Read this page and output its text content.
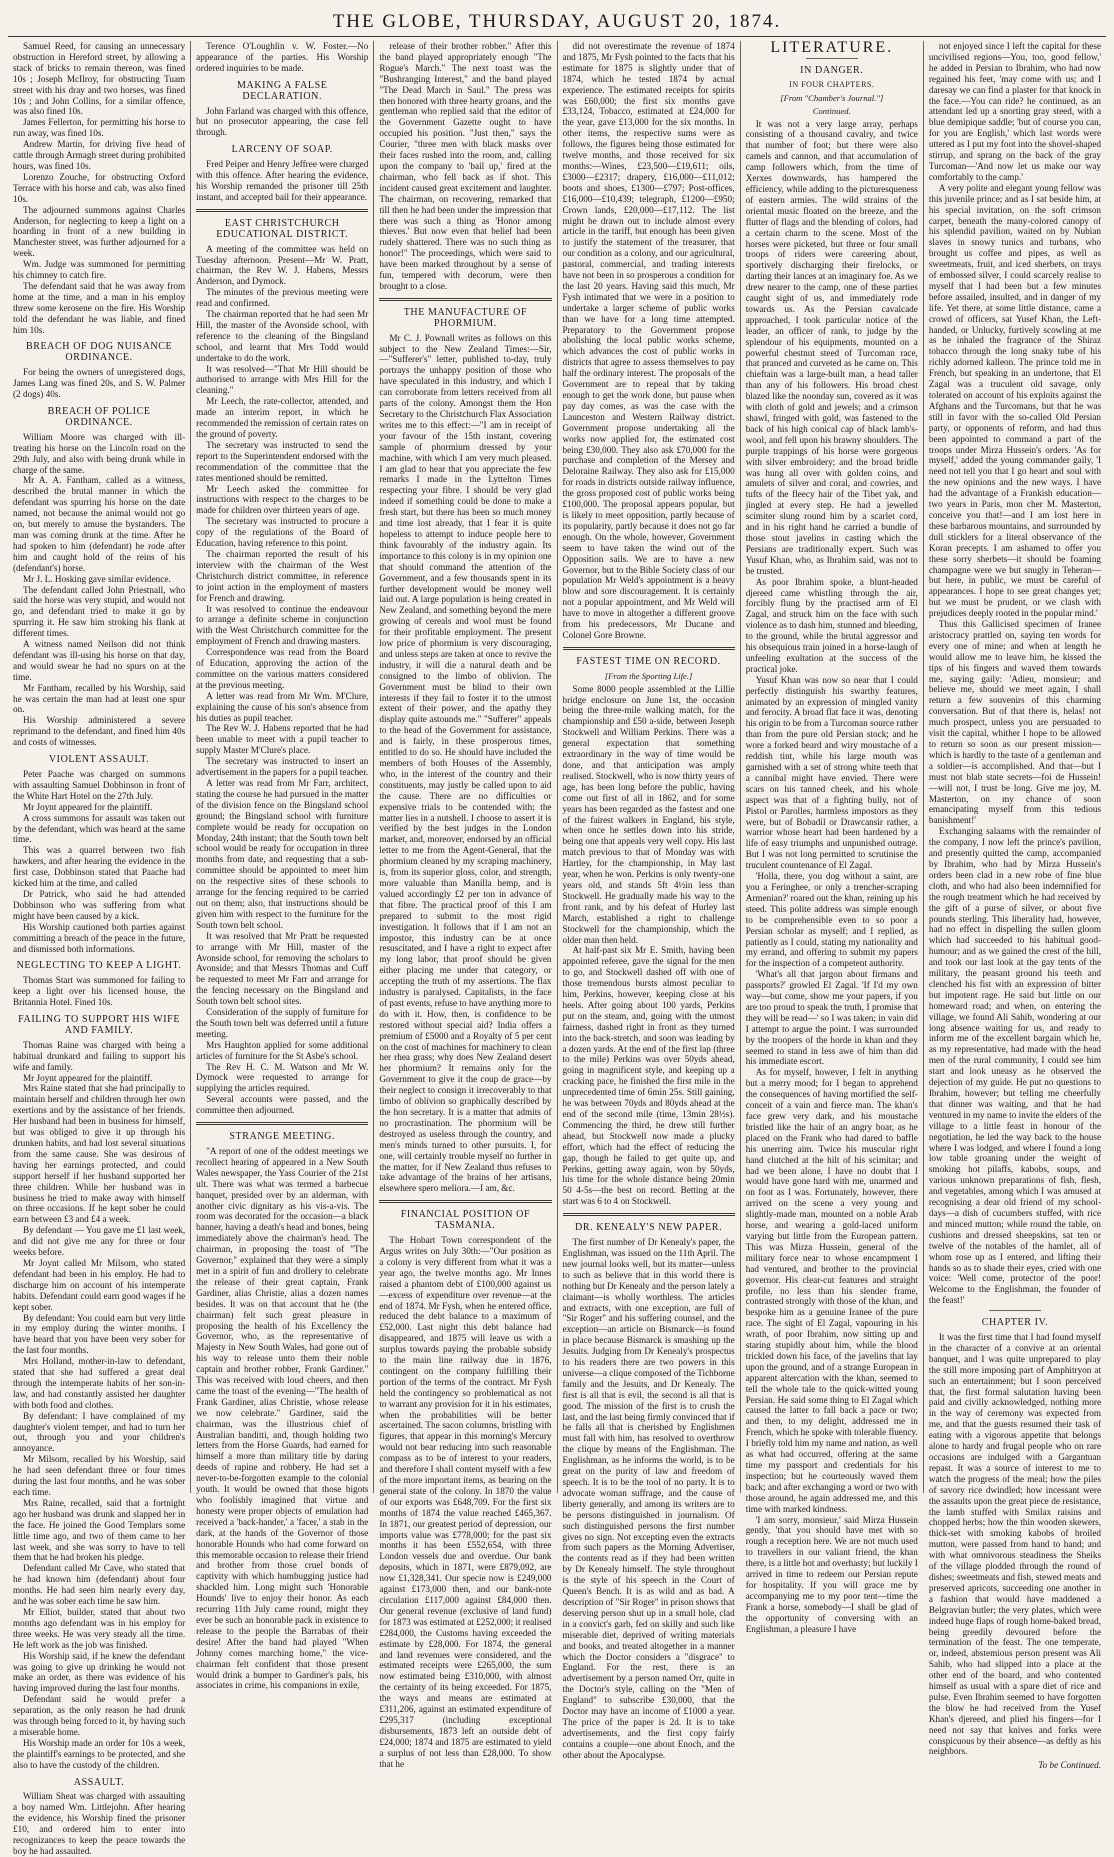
THE GLOBE, THURSDAY, AUGUST 20, 1874.

Samuel Reed, for causing an unnecessary obstruction in Hereford street, by allowing a stack of bricks to remain thereon, was fined 10s ; Joseph McIlroy, for obstructing Tuam street with his dray and two horses, was fined 10s ; and John Collins, for a similar offence, was also fined 10s.

James Fellerton, for permitting his horse to run away, was fined 10s.

Andrew Martin, for driving five head of cattle through Armagh street during prohibited hours, was fined 10s.

Lorenzo Zouche, for obstructing Oxford Terrace with his horse and cab, was also fined 10s.

The adjourned summons against Charles Anderson, for neglecting to keep a light on a hoarding in front of a new building in Manchester street, was further adjourned for a week.

Wm. Judge was summoned for permitting his chimney to catch fire.

The defendant said that he was away from home at the time, and a man in his employ threw some kerosene on the fire. His Worship told the defendant he was liable, and fined him 10s.

BREACH OF DOG NUISANCE ORDINANCE.

For being the owners of unregistered dogs, James Lang was fined 20s, and S. W. Palmer (2 dogs) 40s.

BREACH OF POLICE ORDINANCE.

William Moore was charged with ill-treating his horse on the Lincoln road on the 29th July, and also with being drunk while in charge of the same.

Mr A. A. Fantham, called as a witness, described the brutal manner in which the defendant was spurring his horse on the date named, not because the animal would not go on, but merely to amuse the bystanders. The man was coming drunk at the time. After he had spoken to him (defendant) he rode after him and caught hold of the reins of his (defendant's) horse.

Mr J. L. Hosking gave similar evidence.

The defendant called John Priestnall, who said the horse was very stupid, and would not go, and defendant tried to make it go by spurring it. He saw him stroking his flank at different times.

A witness named Neilson did not think defendant was ill-using his horse on that day, and would swear he had no spurs on at the time.

Mr Fantham, recalled by his Worship, said he was certain the man had at least one spur on.

His Worship administered a severe reprimand to the defendant, and fined him 40s and costs of witnesses.

VIOLENT ASSAULT.

Peter Paache was charged on summons with assaulting Samuel Dobbinson in front of the White Hart Hotel on the 27th July.

Mr Joynt appeared for the plaintiff.

A cross summons for assault was taken out by the defendant, which was heard at the same time.

This was a quarrel between two fish hawkers, and after hearing the evidence in the first case, Dobbinson stated that Paache had kicked him at the time, and called

Dr Patrick, who said he had attended Dobbinson who was suffering from what might have been caused by a kick.

His Worship cautioned both parties against committing a breach of the peace in the future, and dismissed both informations.

NEGLECTING TO KEEP A LIGHT.

Thomas Start was summoned for failing to keep a light over his licensed house, the Britannia Hotel. Fined 10s.

FAILING TO SUPPORT HIS WIFE AND FAMILY.

Thomas Raine was charged with being a habitual drunkard and failing to support his wife and family.

Mr Joynt appeared for the plaintiff.

Mrs Raine stated that she had principally to maintain herself and children through her own exertions and by the assistance of her friends. Her husband had been in business for himself, but was obliged to give it up through his drunken habits, and had lost several situations from the same cause. She was desirous of having her earnings protected, and could support herself if her husband supported her three children. While her husband was in business he tried to make away with himself on three occasions. If he kept sober he could earn between £3 and £4 a week.

By defendant — You gave me £1 last week, and did not give me any for three or four weeks before.

Mr Joynt called Mr Milsom, who stated defendant had been in his employ. He had to discharge him on account of his intemperate habits. Defendant could earn good wages if he kept sober.

By defendant: You could earn but very little in my employ during the winter months. I have heard that you have been very sober for the last four months.

Mrs Holland, mother-in-law to defendant, stated that she had suffered a great deal through the intemperate habits of her son-in-law, and had constantly assisted her daughter with both food and clothes.

By defendant: I have complained of my daughter's violent temper, and had to turn her out, through you and your children's annoyance.

Mr Milsom, recalled by his Worship, said he had seen defendant three or four times during the last four months, and he was sober each time.

Mrs Raine, recalled, said that a fortnight ago her husband was drunk and slapped her in the face. He joined the Good Templars some little time ago, and two of them came to her last week, and she was sorry to have to tell them that he had broken his pledge.

Defendant called Mr Cave, who stated that he had known him (defendant) about four months. He had seen him nearly every day, and he was sober each time he saw him.

Mr Elliot, builder, stated that about two months ago defendant was in his employ for three weeks. He was very steady all the time. He left work as the job was finished.

His Worship said, if he knew the defendant was going to give up drinking he would not make an order, as there was evidence of his having improved during the last four months.

Defendant said he would prefer a separation, as the only reason he had drunk was through being forced to it, by having such a miserable home.

His Worship made an order for 10s a week, the plaintiff's earnings to be protected, and she also to have the custody of the children.

ASSAULT.

William Sheat was charged with assaulting a boy named Wm. Littlejohn. After hearing the evidence, his Worship fined the prisoner £10, and ordered him to enter into recognizances to keep the peace towards the boy he had assaulted.

Terence O'Loughlin v. W. Foster.—No appearance of the parties. His Worship ordered inquiries to be made.

MAKING A FALSE DECLARATION.

John Farland was charged with this offence, but no prosecutor appearing, the case fell through.

LARCENY OF SOAP.

Fred Peiper and Henry Jeffree were charged with this offence. After hearing the evidence, his Worship remanded the prisoner till 25th instant, and accepted bail for their appearance.

EAST CHRISTCHURCH EDUCATIONAL DISTRICT.

A meeting of the committee was held on Tuesday afternoon. Present—Mr W. Pratt, chairman, the Rev W. J. Habens, Messrs Anderson, and Dymock.

The minutes of the previous meeting were read and confirmed.

The chairman reported that he had seen Mr Hill, the master of the Avonside school, with reference to the cleaning of the Bingsland school, and learnt that Mrs Todd would undertake to do the work.

It was resolved—"That Mr Hill should be authorised to arrange with Mrs Hill for the cleaning."

Mr Leech, the rate-collector, attended, and made an interim report, in which he recommended the remission of certain rates on the ground of poverty.

The secretary was instructed to send the report to the Superintendent endorsed with the recommendation of the committee that the rates mentioned should be remitted.

Mr Leech asked the committee for instructions with respect to the charges to be made for children over thirteen years of age.

The secretary was instructed to procure a copy of the regulations of the Board of Education, having reference to this point.

The chairman reported the result of his interview with the chairman of the West Christchurch district committee, in reference to joint action in the employment of masters for French and drawing.

It was resolved to continue the endeavour to arrange a definite scheme in conjunction with the West Christchurch committee for the employment of French and drawing masters.

Correspondence was read from the Board of Education, approving the action of the committee on the various matters considered at the previous meeting.

A letter was read from Mr Wm. M'Clure, explaining the cause of his son's absence from his duties as pupil teacher.

The Rev W. J. Habens reported that he had been unable to meet with a pupil teacher to supply Master M'Clure's place.

The secretary was instructed to insert an advertisement in the papers for a pupil teacher.

A letter was read from Mr Farr, architect, stating the course he had pursued in the matter of the division fence on the Bingsland school ground; the Bingsland school with furniture complete would be ready for occupation on Monday, 24th instant; that the South town belt school would be ready for occupation in three months from date, and requesting that a sub-committee should be appointed to meet him on the respective sites of these schools to arrange for the fencing required to be carried out on them; also, that instructions should be given him with respect to the furniture for the South town belt school.

It was resolved that Mr Pratt be requested to arrange with Mr Hill, master of the Avonside school, for removing the scholars to Avonside; and that Messrs Thomas and Cuff be requested to meet Mr Farr and arrange for the fencing necessary on the Bingsland and South town belt school sites.

Consideration of the supply of furniture for the South town belt was deferred until a future meeting.

Mrs Haughton applied for some additional articles of furniture for the St Asbe's school.

The Rev H. C. M. Watson and Mr W. Dymock were requested to arrange for supplying the articles required.

Several accounts were passed, and the committee then adjourned.

STRANGE MEETING.

"A report of one of the oddest meetings we recollect hearing of appeared in a New South Wales newspaper, the Yass Courier of the 21st ult. There was what was termed a barbecue banquet, presided over by an alderman, with another civic dignitary as his vis-a-vis. The room was decorated for the occasion—a black banner, having a death's head and bones, being immediately above the chairman's head. The chairman, in proposing the toast of "The Governor," explained that they were a simply met in a spirit of fun and drollery to celebrate the release of their great captain, Frank Gardiner, alias Christie, alias a dozen names besides. It was on that account that he (the chairman) felt such great pleasure in proposing the health of his Excellency the Governor, who, as the representative of Majesty in New South Wales, had gone out of his way to release unto them their noble captain and brother robber, Frank Gardiner." This was received with loud cheers, and then came the toast of the evening—"The health of Frank Gardiner, alias Christie, whose release we now celebrate." Gardiner, said the chairman, was the illustrious chief of Australian banditti, and, though holding two letters from the Horse Guards, had earned for himself a more than military title by daring deeds of rapine and robbery. He had set a never-to-be-forgotten example to the colonial youth. It would be owned that those bigots who foolishly imagined that virtue and honesty were proper objects of emulation had received a 'back-hander,' a 'facer,' a stab in the dark, at the hands of the Governor of those honorable Hounds who had come forward on this memorable occasion to release their friend and brother from those cruel bonds of captivity with which humbugging justice had shackled him. Long might such 'Honorable Hounds' live to enjoy their honor. As each recurring 11th July came round, might they ever be such an honorable pack in existence to release to the people the Barrabas of their desire! After the band had played "When Johnny comes marching home," the vice-chairman felt confident that those present would drink a bumper to Gardiner's pals, his associates in crime, his companions in exile,

release of their brother robber." After this the band played appropriately enough "The Rogue's March." The next toast was the "Bushranging Interest," and the band played "The Dead March in Saul." The press was then honored with three hearty groans, and the gentleman who replied said that the editor of the Government Gazette ought to have occupied his position. "Just then," says the Courier, "three men with black masks over their faces rushed into the room, and, calling upon the company to 'bail up,' fired at the chairman, who fell back as if shot. This incident caused great excitement and laughter. The chairman, on recovering, remarked that till then he had been under the impression that there was such a thing as 'Honor among thieves.' But now even that belief had been rudely shattered. There was no such thing as honor!" The proceedings, which were said to have been marked throughout by a sense of fun, tempered with decorum, were then brought to a close.

THE MANUFACTURE OF PHORMIUM.

Mr C. J. Pownall writes as follows on this subject to the New Zealand Times:—Sir,—"Sufferer's" letter, published to-day, truly portrays the unhappy position of those who have speculated in this industry, and which I can corroborate from letters received from all parts of the colony. Amongst them the Hon Secretary to the Christchurch Flax Association writes me to this effect:—"I am in receipt of your favour of the 15th instant, covering sample of phormium dressed by your machine, with which I am very much pleased. I am glad to hear that you appreciate the few remarks I made in the Lyttelton Times respecting your fibre. I should be very glad indeed if something could be done to make a fresh start, but there has been so much money and time lost already, that I fear it is quite hopeless to attempt to induce people here to think favourably of the industry again. Its importance to this colony is in my opinion one that should command the attention of the Government, and a few thousands spent in its further development would be money well laid out. A large population is being created in New Zealand, and something beyond the mere growing of cereals and wool must be found for their profitable employment. The present low price of phormium is very discouraging, and unless steps are taken at once to revive the industry, it will die a natural death and be consigned to the limbo of oblivion. The Government must be blind to their own interests if they fail to foster it to the utmost extent of their power, and the apathy they display quite astounds me." "Sufferer" appeals to the head of the Government for assistance, and is fairly, in these prosperous times, entitled to do so. He should have included the members of both Houses of the Assembly, who, in the interest of the country and their constituents, may justly be called upon to aid the cause. There are no difficulties or expensive trials to be contended with; the matter lies in a nutshell. I choose to assert it is verified by the best judges in the London market, and, moreover, endorsed by an official letter to me from the Agent-General, that the phormium cleaned by my scraping machinery, is, from its superior gloss, color, and strength, more valuable than Manilla hemp, and is valued accordingly £2 per ton in advance of that fibre. The practical proof of this I am prepared to submit to the most rigid investigation. It follows that if I am not an impostor, this industry can be at once resuscitated, and I have a right to expect after my long labor, that proof should be given either placing me under that category, or accepting the truth of my assertions. The flax industry is paralysed. Capitalists, in the face of past events, refuse to have anything more to do with it. How, then, is confidence to be restored without special aid? India offers a premium of £5000 and a Royalty of 5 per cent on the cost of machines for machinery to clean her rhea grass; why does New Zealand desert her phormium? It remains only for the Government to give it the coup de grace—by their neglect to consign it irrecoverably to that limbo of oblivion so graphically described by the hon secretary. It is a matter that admits of no procrastination. The phormium will be destroyed as useless through the country, and men's minds turned to other pursuits. I, for one, will certainly trouble myself no further in the matter, for if New Zealand thus refuses to take advantage of the brains of her artisans, elsewhere spero meliora.—I am, &c.

FINANCIAL POSITION OF TASMANIA.

The Hobart Town correspondent of the Argus writes on July 30th:—"Our position as a colony is very different from what it was a year ago, the twelve months ago. Mr Innes raised a phantom debt of £100,000 against us—excess of expenditure over revenue—at the end of 1874. Mr Fysh, when he entered office, reduced the debt balance to a maximum of £52,000. Last night this debt balance had disappeared, and 1875 will leave us with a surplus towards paying the probable subsidy to the main line railway due in 1876, contingent on the company fulfilling their portion of the terms of the contract. Mr Fysh held the contingency so problematical as not to warrant any provision for it in his estimates, when the probabilities will be better ascertained. The sacon columns, bristling with figures, that appear in this morning's Mercury would not bear reducing into such reasonable compass as to be of interest to your readers, and therefore I shall content myself with a few of the more important items, as bearing on the general state of the colony. In 1870 the value of our exports was £648,709. For the first six months of 1874 the value reached £465,367. In 1871, our greatest period of depression, our imports value was £778,000; for the past six months it has been £552,654, with three London vessels due and overdue. Our bank deposits, which in 1871, were £879,092, are now £1,328,341. Our specie now is £249,000 against £173,000 then, and our bank-note circulation £117,000 against £84,000 then. Our general revenue (exclusive of land fund) for 1873 was estimated at £252,000; it realised £284,000, the Customs having exceeded the estimate by £28,000. For 1874, the general and land revenues were considered, and the estimated receipts were £265,000, the sum now estimated being £310,000, with almost the certainty of its being exceeded. For 1875, the ways and means are estimated at £311,206, against an estimated expenditure of £295,317 (including exceptional disbursements, 1873 left an outside debt of £24,000; 1874 and 1875 are estimated to yield a surplus of not less than £28,000. To show that he

did not overestimate the revenue of 1874 and 1875, Mr Fysh pointed to the facts that his estimate for 1875 is slightly under that of 1874, which he tested 1874 by actual experience. The estimated receipts for spirits was £60,000; the first six months gave £33,124, Tobacco, estimated at £24,000 for the year, gave £13,000 for the six months. In other items, the respective sums were as follows, the figures being those estimated for twelve months, and those received for six months:—Wines, £23,500—£19,611; oils, £3000—£2317; drapery, £16,000—£11,012; boots and shoes, £1300—£797; Post-offices, £16,000—£10,439; telegraph, £1200—£950; Crown lands, £20,000—£17,112. The list might be drawn out to include almost every article in the tariff, but enough has been given to justify the statement of the treasurer, that our condition as a colony, and our agricultural, pastoral, commercial, and trading interests have not been in so prosperous a condition for the last 20 years. Having said this much, Mr Fysh intimated that we were in a position to undertake a larger scheme of public works than we have for a long time attempted. Preparatory to the Government propose abolishing the local public works scheme, which advances the cost of public works in districts that agree to assess themselves to pay half the ordinary interest. The proposals of the Government are to repeal that by taking enough to get the work done, but pause when pay day comes, as was the case with the Launceston and Western Railway district. Government propose undertaking all the works now applied for, the estimated cost being £30,000. They also ask £70,000 for the purchase and completion of the Mersey and Deloraine Railway. They also ask for £15,000 for roads in districts outside railway influence, the gross proposed cost of public works being £100,000. The proposal appears popular, but is likely to meet opposition, partly because of its popularity, partly because it does not go far enough. On the whole, however, Government seem to have taken the wind out of the Opposition sails. We are to have a new Governor, but to the Bible Society class of our population Mr Weld's appointment is a heavy blow and sore discouragement. It is certainly not a popular appointment, and Mr Weld will have to move in altogether a different groove from his predecessors, Mr Ducane and Colonel Gore Browne.

FASTEST TIME ON RECORD.
[From the Sporting Life.]

Some 8000 people assembled at the Lillie bridge enclosure on June 1st, the occasion being the three-mile walking match, for the championship and £50 a-side, between Joseph Stockwell and William Perkins. There was a general expectation that something extraordinary in the way of time would be done, and that anticipation was amply realised. Stockwell, who is now thirty years of age, has been long before the public, having come out first of all in 1862, and for some years has been regarded as the fastest and one of the fairest walkers in England, his style, when once he settles down into his stride, being one that appeals very well copy. His last match previous to that of Monday was with Hartley, for the championship, in May last year, when he won. Perkins is only twenty-one years old, and stands 5ft 4½in less than Stockwell. He gradually made his way to the front rank, and by his defeat of Hurley last March, established a right to challenge Stockwell for the championship, which the older man then held.

At half-past six Mr E. Smith, having been appointed referee, gave the signal for the men to go, and Stockwell dashed off with one of those tremendous bursts almost peculiar to him, Perkins, however, keeping close at his heels. After going about 100 yards, Perkins put on the steam, and, going with the utmost fairness, dashed right in front as they turned into the back-stretch, and soon was leading by a dozen yards. At the end of the first lap (three to the mile) Perkins was over 50yds ahead, going in magnificent style, and keeping up a cracking pace, he finished the first mile in the unprecedented time of 6min 25s. Still gaining, he was between 70yds and 80yds ahead at the end of the second mile (time, 13min 28½s). Commencing the third, he drew still further ahead, but Stockwell now made a plucky effort, which had the effect of reducing the gap, though he failed to get quite up, and Perkins, getting away again, won by 50yds, his time for the whole distance being 20min 50 4-5s—the best on record. Betting at the start was 6 to 4 on Stockwell.

DR. KENEALY'S NEW PAPER.

The first number of Dr Kenealy's paper, the Englishman, was issued on the 11th April. The new journal looks well, but its matter—unless to such as believe that in this world there is nothing but Dr Kenealy and the person lately a claimant—is wholly worthless. The articles and extracts, with one exception, are full of "Sir Roger" and his suffering counsel, and the exception—an article on Bismarck—is found in place because Bismarck is smashing up the Jesuits. Judging from Dr Kenealy's prospectus to his readers there are two powers in this universe—a clique composed of the Tichborne family and the Jesuits, and Dr Kenealy. The first is all that is evil, the second is all that is good. The mission of the first is to crush the last, and the last being firmly convinced that if he falls all that is cherished by Englishmen must fall with him, has resolved to overthrow the clique by means of the Englishman. The Englishman, as he informs the world, is to be great on the purity of law and freedom of speech. It is to be the tool of no party. It is to advocate woman suffrage, and the cause of liberty generally, and among its writers are to be persons distinguished in journalism. Of such distinguished persons the first number gives no sign. Not excepting even the extracts from such papers as the Morning Advertiser, the contents read as if they had been written by Dr Kenealy himself. The style throughout is the style of his speech in the Court of Queen's Bench. It is as wild and as bad. A description of "Sir Roger" in prison shows that deserving person shut up in a small hole, clad in a convict's garb, fed on skilly and such like miserable diet, deprived of writing materials and books, and treated altogether in a manner which the Doctor considers a "disgrace" to England. For the rest, there is an advertisement by a person named Orr, quite in the Doctor's style, calling on the "Men of England" to subscribe £30,000, that the Doctor may have an income of £1000 a year. The price of the paper is 2d. It is to take advertisements, and the first copy fairly contains a couple—one about Enoch, and the other about the Apocalypse.

LITERATURE.
IN DANGER.
IN FOUR CHAPTERS.
[From "Chamber's Journal."]
Continued.

It was not a very large array, perhaps consisting of a thousand cavalry, and twice that number of foot; but there were also camels and cannon, and that accumulation of camp followers which, from the time of Xerxes downwards, has hampered the efficiency, while adding to the picturesqueness of eastern armies. The wild strains of the oriental music floated on the breeze, and the flutter of flags and the blending of colors, had a certain charm to the scene. Most of the horses were picketed, but three or four small troops of riders were careering about, sportively discharging their firelocks, or darting their lances at an imaginary foe. As we drew nearer to the camp, one of these parties caught sight of us, and immediately rode towards us. As the Persian cavalcade approached, I took particular notice of the leader, an officer of rank, to judge by the splendour of his equipments, mounted on a powerful chestnut steed of Turcoman race, that pranced and curveted as he came on. This chieftain was a large-built man, a head taller than any of his followers. His broad chest blazed like the noonday sun, covered as it was with cloth of gold and jewels; and a crimson shawl, fringed with gold, was fastened to the back of his high conical cap of black lamb's-wool, and fell upon his brawny shoulders. The purple trappings of his horse were gorgeous with silver embroidery; and the broad bridle was hung all over with golden coins, and amulets of silver and coral, and cowries, and tufts of the fleecy hair of the Tibet yak, and jingled at every step. He had a jewelled scimiter slung round him by a scarlet cord, and in his right hand he carried a bundle of those stout javelins in casting which the Persians are traditionally expert. Such was Yusuf Khan, who, as Ibrahim said, was not to be trusted.

As poor Ibrahim spoke, a blunt-headed djereed came whistling through the air, forcibly flung by the practised arm of El Zagal, and struck him on the face with such violence as to dash him, stunned and bleeding, to the ground, while the brutal aggressor and his obsequious train joined in a horse-laugh of unfeeling exultation at the success of the practical joke.

Yusuf Khan was now so near that I could perfectly distinguish his swarthy features, animated by an expression of mingled vanity and ferocity. A broad flat face it was, denoting his origin to be from a Turcoman source rather than from the pure old Persian stock; and he wore a forked beard and wiry moustache of a reddish tint, while his large mouth was garnished with a set of strong white teeth that a cannibal might have envied. There were scars on his tanned cheek, and his whole aspect was that of a fighting bully, not of Pistol or Parolles, harmless impostors as they were, but of Bobadil or Drawcansir rather, a warrior whose heart had been hardened by a life of easy triumphs and unpunished outrage. But I was not long permitted to scrutinise the truculent countenance of El Zagal.

'Holla, there, you dog without a saint, are you a Feringhee, or only a trencher-scraping Armenian?' roared out the khan, reining up his steed. This polite address was simple enough to be comprehensible even to so poor a Persian scholar as myself; and I replied, as patiently as I could, stating my nationality and my errand, and offering to submit my papers for the inspection of a competent authority.

'What's all that jargon about firmans and passports?' growled El Zagal. 'If I'd my own way—but come, show me your papers, if you are too proud to speak the truth, I promise that they will be read—' so I was taken; in vain did I attempt to argue the point. I was surrounded by the troopers of the horde in khan and they seemed to stand in less awe of him than did his immediate escort.

As for myself, however, I felt in anything but a merry mood; for I began to apprehend the consequences of having mortified the self-conceit of a vain and fierce man. The khan's face grew very dark, and his moustache bristled like the hair of an angry boar, as he placed on the Frank who had dared to baffle his unerring aim. Twice his muscular right hand clutched at the hilt of his scimitar; and had we been alone, I have no doubt that I would have gone hard with me, unarmed and on foot as I was. Fortunately, however, there arrived on the scene a very young and slightly-made man, mounted on a noble Arab horse, and wearing a gold-laced uniform varying but little from the European pattern. This was Mirza Hussein, general of the military force near to whose encampment I had ventured, and brother to the provincial governor. His clear-cut features and straight profile, no less than his slender frame, contrasted strongly with those of the khan, and bespoke him as a genuine Iranee of the pure race. The sight of El Zagal, vapouring in his wrath, of poor Ibrahim, now sitting up and staring stupidly about him, while the blood trickled down his face, of the javelins that lay upon the ground, and of a strange European in apparent altercation with the khan, seemed to tell the whole tale to the quick-witted young Persian. He said some thing to El Zagal which caused the latter to fall back a pace or two; and then, to my delight, addressed me in French, which he spoke with tolerable fluency. I briefly told him my name and nation, as well as what had occurred, offering at the same time my passport and credentials for his inspection; but he courteously waved them back; and after exchanging a word or two with those around, he again addressed me, and this time with marked kindness.

'I am sorry, monsieur,' said Mirza Hussein gently, 'that you should have met with so rough a reception here. We are not much used to travellers in our valiant friend, the khan there, is a little hot and overhasty; but luckily I arrived in time to redeem our Persian repute for hospitality. If you will grace me by accompanying me to my poor tent—time the Frank a horse, somebody—I shall be glad of the opportunity of conversing with an Englishman, a pleasure I have

not enjoyed since I left the capital for these uncivilised regions—You, too, good fellow,' he added in Persian to Ibrahim, who had now regained his feet, 'may come with us; and I daresay we can find a plaster for that knock in the face.—You can ride? he continued, as an attendant led up a snorting gray steed, with a blue demipique saddle; 'but of course you can, for you are English,' which last words were uttered as I put my foot into the shovel-shaped stirrup, and sprang on the back of the gray Turcoman—'And now let us make our way comfortably to the camp.'

A very polite and elegant young fellow was this juvenile prince; and as I sat beside him, at his special invitation, on the soft crimson carpet, beneath the many-colored canopy of his splendid pavilion, waited on by Nubian slaves in snowy tunics and turbans, who brought us coffee and pipes, as well as sweetmeats, fruit, and iced sherbets, on trays of embossed silver, I could scarcely realise to myself that I had been but a few minutes before assailed, insulted, and in danger of my life. Yet there, at some little distance, came a crowd of officers, sat Yusef Khan, the Left-handed, or Unlucky, furtively scowling at me as he inhaled the fragrance of the Shiraz tobacco through the long snaky tube of his richly adorned kalleon. The prince told me in French, but speaking in an undertone, that El Zagal was a truculent old savage, only tolerated on account of his exploits against the Afghans and the Turcomans, but that he was still in favor with the so-called Old Persian party, or opponents of reform, and had thus been appointed to command a part of the troops under Mirza Hussein's orders. 'As for myself,' added the young commander gaily, 'I need not tell you that I go heart and soul with the new opinions and the new ways. I have had the advantage of a Frankish education—two years in Paris, mon cher M. Masterton, conceive you that!—and I am lost here in these barbarous mountains, and surrounded by dull sticklers for a literal observance of the Koran precepts. I am ashamed to offer you these sorry sherbets—it should be foaming champagne were we but snugly in Teheran—but here, in public, we must be careful of appearances. I hope to see great changes yet; but we must be prudent, or we clash with prejudices deeply rooted in the popular mind.'

Thus this Gallicised specimen of Iranee aristocracy prattled on, saying ten words for every one of mine; and when at length he would allow me to leave him, he kissed the tips of his fingers and waved them towards me, saying gaily: 'Adieu, monsieur; and believe me, should we meet again, I shall return a few souvenirs of this charming conversation. But of that there is, helas! not much prospect, unless you are persuaded to visit the capital, whither I hope to be allowed to return so soon as our present mission—which is hardly to the taste of a gentleman and a soldier—is accomplished. And that—but I must not blab state secrets—foi de Hussein! —will not, I trust be long. Give me joy, M. Masterton, on my chance of soon emancipating myself from this tedious banishment!'

Exchanging salaams with the remainder of the company, I now left the prince's pavilion, and presently quitted the camp, accompanied by Ibrahim, who had by Mirza Hussein's orders been clad in a new robe of fine blue cloth, and who had also been indemnified for the rough treatment which he had received by the gift of a purse of silver, or about five pounds sterling. This liberality had, however, had no effect in dispelling the sullen gloom which had succeeded to his habitual good-humour; and as we gained the crest of the hill, and took our last look at the gay tents of the military, the peasant ground his teeth and clenched his fist with an expression of bitter but impotent rage. He said but little on our homeward road; and when, on entering the village, we found Ali Sahib, wondering at our long absence waiting for us, and ready to inform me of the excellent bargain which he, as my representative, had made with the head men of the rural community, I could see him start and look uneasy as he observed the dejection of my guide. He put no questions to Ibrahim, however; but telling me cheerfully that dinner was waiting, and that he had ventured in my name to invite the elders of the village to a little feast in honour of the negotiation, he led the way back to the house where I was lodged, and where I found a long low table groaning under the weight of smoking hot pilaffs, kabobs, soups, and various unknown preparations of fish, flesh, and vegetables, among which I was amused at recognising a dear old friend of my school-days—a dish of cucumbers stuffed, with rice and minced mutton; while round the table, on cushions and dressed sheepskins, sat ten or twelve of the notables of the hamlet, all of whom rose up as I entered, and lifting their hands so as to shade their eyes, cried with one voice: 'Well come, protector of the poor! Welcome to the Englishman, the founder of the feast!'

CHAPTER IV.

It was the first time that I had found myself in the character of a convive at an oriental banquet, and I was quite unprepared to play the still more imposing part of Amphitryon at such an entertainment; but I soon perceived that, the first formal salutation having been paid and civilly acknowledged, nothing more in the way of ceremony was expected from me, and that the guests resumed their task of eating with a vigorous appetite that belongs alone to hardy and frugal people who on rare occasions are indulged with a Gargantuan repast. It was a source of interest to me to watch the progress of the meal; how the piles of savory rice dwindled; how incessant were the assaults upon the great piece de resistance, the lamb stuffed with Smilax raisins and chopped herbs; how the thin wooden skewers, thick-set with smoking kabobs of broiled mutton, were passed from hand to hand; and with what omnivorous steadiness the Sheiks of the village plodded through the round of dishes; sweetmeats and fish, stewed meats and preserved apricots, succeeding one another in a fashion that would have maddened a Belgravian butler; the very plates, which were indeed huge flaps of rough home-baked bread, being greedily devoured before the termination of the feast. The one temperate, or, indeed, abstemious person present was Ali Sahib, who had slipped into a place at the other end of the board, and who contented himself as usual with a spare diet of rice and pulse. Even Ibrahim seemed to have forgotten the blow he had received from the Yusef Khan's djereed, and plied his fingers—for I need not say that knives and forks were conspicuous by their absence—as deftly as his neighbors.

To be Continued.
